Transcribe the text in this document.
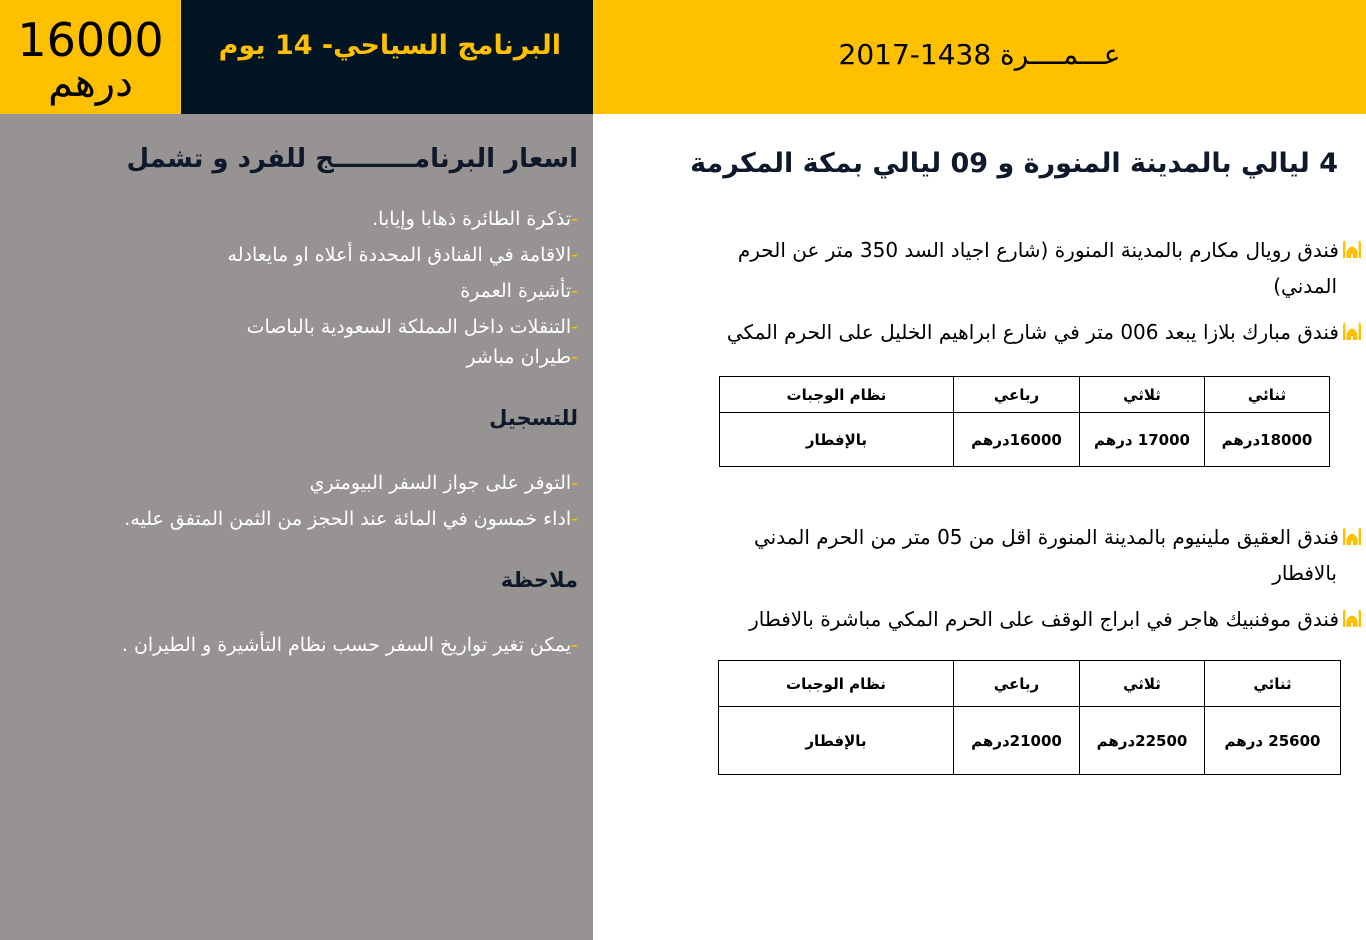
16000
درهم
البرنامج السياحي- 14 يوم	عـــمــــرة 1438-2017
اسعار البرنامـــــــــج للفرد و تشمل
-تذكرة الطائرة ذهابا وإيابا.
-الاقامة في الفنادق المحددة أعلاه او مايعادله
-تأشيرة العمرة
-التنقلات داخل المملكة السعودية بالباصات
-طيران مباشر
للتسجيل
-التوفر على جواز السفر البيومتري
-اداء خمسون في المائة عند الحجز من الثمن المتفق عليه.
ملاحظة
-يمكن تغير تواريخ السفر حسب نظام التأشيرة و الطيران .
4 ليالي بالمدينة المنورة و 09 ليالي بمكة المكرمة
فندق رويال مكارم بالمدينة المنورة (شارع اجياد السد 350 متر عن الحرم
المدني)
فندق مبارك بلازا يبعد 006 متر في شارع ابراهيم الخليل على الحرم المكي
ثنائي	ثلاثي	رباعي	نظام الوجبات
18000درهم	17000 درهم	16000درهم	بالإفطار
فندق العقيق ملينيوم بالمدينة المنورة اقل من 05 متر من الحرم المدني
بالافطار
فندق موفنبيك هاجر في ابراج الوقف على الحرم المكي مباشرة بالافطار
ثنائي	ثلاثي	رباعي	نظام الوجبات
25600 درهم	22500درهم	21000درهم	بالإفطار
